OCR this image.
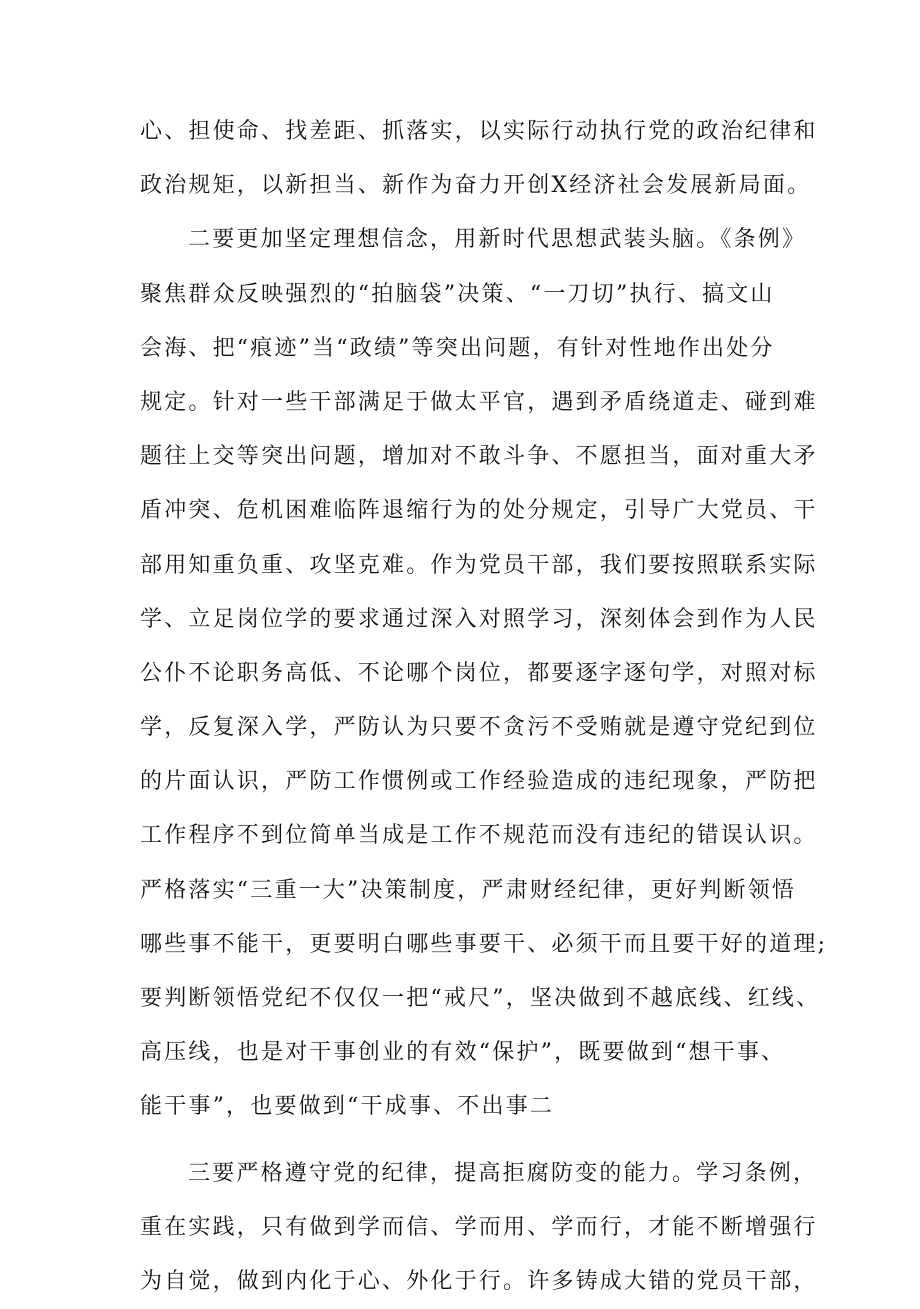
心、担使命、找差距、抓落实，以实际行动执行党的政治纪律和
政治规矩，以新担当、新作为奋力开创X经济社会发展新局面。
二要更加坚定理想信念，用新时代思想武装头脑。《条例》
聚焦群众反映强烈的“拍脑袋”决策、“一刀切”执行、搞文山
会海、把“痕迹”当“政绩”等突出问题，有针对性地作出处分
规定。针对一些干部满足于做太平官，遇到矛盾绕道走、碰到难
题往上交等突出问题，增加对不敢斗争、不愿担当，面对重大矛
盾冲突、危机困难临阵退缩行为的处分规定，引导广大党员、干
部用知重负重、攻坚克难。作为党员干部，我们要按照联系实际
学、立足岗位学的要求通过深入对照学习，深刻体会到作为人民
公仆不论职务高低、不论哪个岗位，都要逐字逐句学，对照对标
学，反复深入学，严防认为只要不贪污不受贿就是遵守党纪到位
的片面认识，严防工作惯例或工作经验造成的违纪现象，严防把
工作程序不到位简单当成是工作不规范而没有违纪的错误认识。
严格落实“三重一大”决策制度，严肃财经纪律，更好判断领悟
哪些事不能干，更要明白哪些事要干、必须干而且要干好的道理;
要判断领悟党纪不仅仅一把“戒尺”，坚决做到不越底线、红线、
高压线，也是对干事创业的有效“保护”，既要做到“想干事、
能干事”，也要做到“干成事、不出事二
三要严格遵守党的纪律，提高拒腐防变的能力。学习条例，
重在实践，只有做到学而信、学而用、学而行，才能不断增强行
为自觉，做到内化于心、外化于行。许多铸成大错的党员干部，
